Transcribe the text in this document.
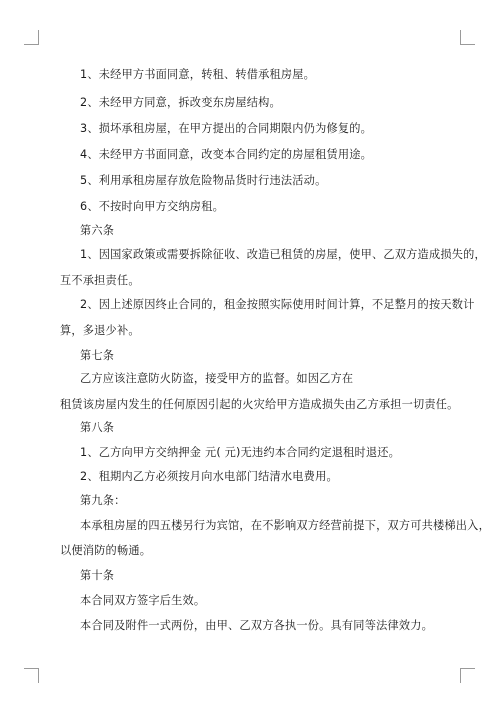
1、未经甲方书面同意，转租、转借承租房屋。
2、未经甲方同意，拆改变东房屋结构。
3、损坏承租房屋，在甲方提出的合同期限内仍为修复的。
4、未经甲方书面同意，改变本合同约定的房屋租赁用途。
5、利用承租房屋存放危险物品货时行违法活动。
6、不按时向甲方交纳房租。
第六条
1、因国家政策或需要拆除征收、改造已租赁的房屋，使甲、乙双方造成损失的，
互不承担责任。
2、因上述原因终止合同的，租金按照实际使用时间计算，不足整月的按天数计
算，多退少补。
第七条
乙方应该注意防火防盗，接受甲方的监督。如因乙方在
租赁该房屋内发生的任何原因引起的火灾给甲方造成损失由乙方承担一切责任。
第八条
1、乙方向甲方交纳押金 元( 元)无违约本合同约定退租时退还。
2、租期内乙方必须按月向水电部门结清水电费用。
第九条：
本承租房屋的四五楼另行为宾馆，在不影响双方经营前提下，双方可共楼梯出入，
以便消防的畅通。
第十条
本合同双方签字后生效。
本合同及附件一式两份，由甲、乙双方各执一份。具有同等法律效力。
